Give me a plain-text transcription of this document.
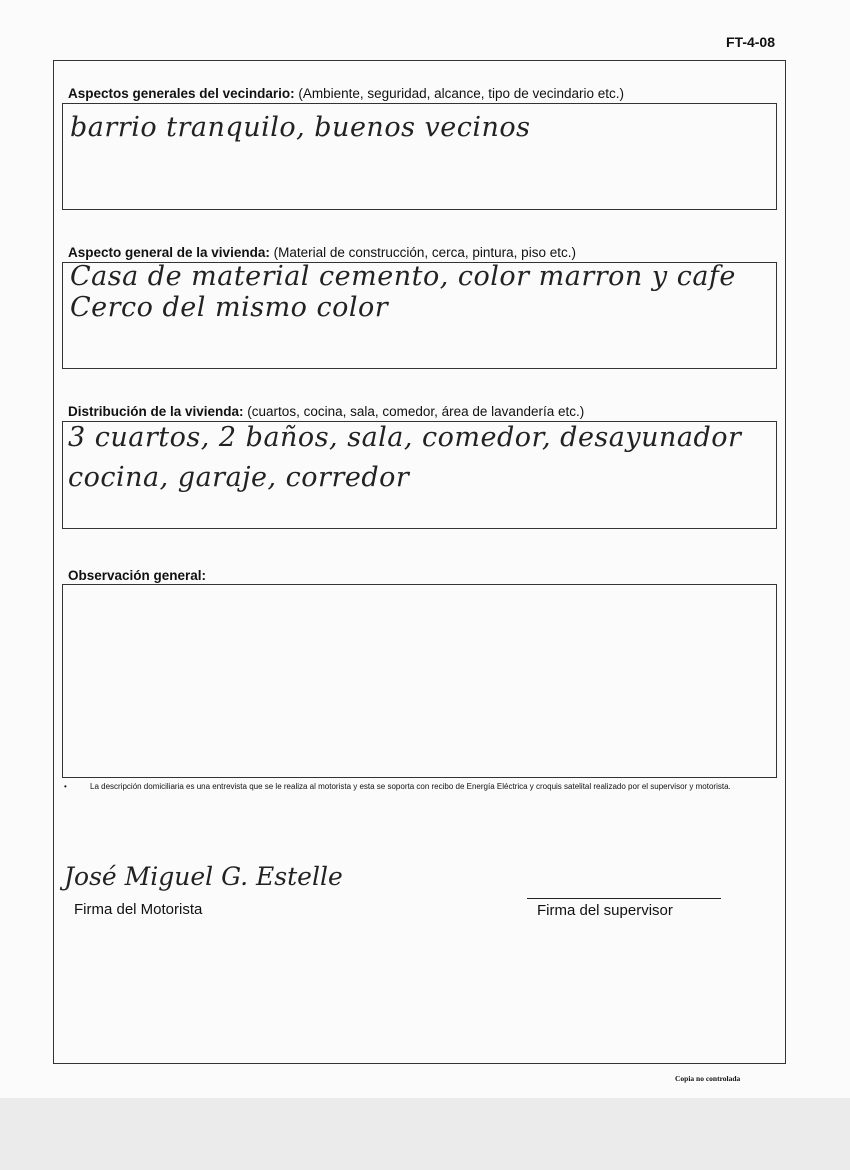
FT-4-08
Aspectos generales del vecindario: (Ambiente, seguridad, alcance, tipo de vecindario etc.)
barrio tranquilo, buenos vecinos
Aspecto general de la vivienda: (Material de construcción, cerca, pintura, piso etc.)
Casa de material cemento, color marron y cafe
Cerco del mismo color
Distribución de la vivienda: (cuartos, cocina, sala, comedor, área de lavandería etc.)
3 cuartos, 2 baños, sala, comedor, desayunador
cocina, garaje, corredor
Observación general:
•	La descripción domiciliaria es una entrevista que se le realiza al motorista y esta se soporta con recibo de Energía Eléctrica y croquis satelital realizado por el supervisor y motorista.
José Miguel G. Estelle
Firma del Motorista	Firma del supervisor
Copia no controlada
